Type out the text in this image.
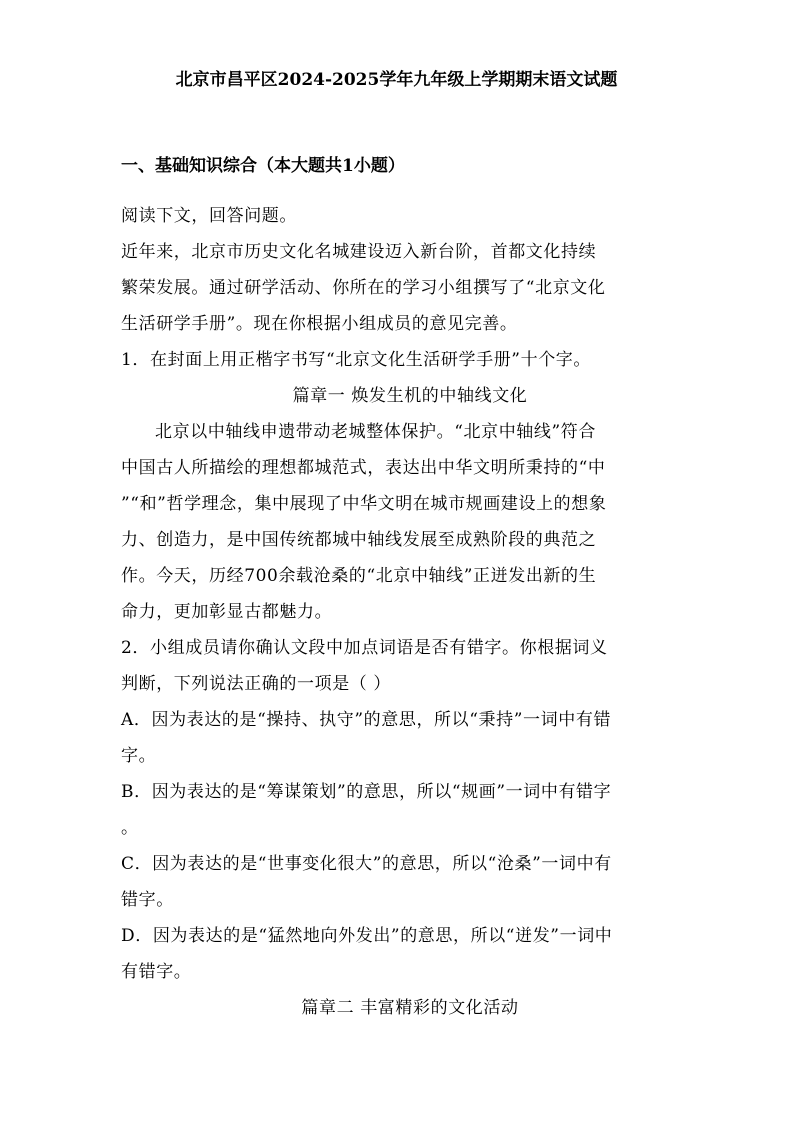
北京市昌平区2024-2025学年九年级上学期期末语文试题
一、基础知识综合（本大题共1小题）
阅读下文，回答问题。
近年来，北京市历史文化名城建设迈入新台阶，首都文化持续
繁荣发展。通过研学活动、你所在的学习小组撰写了“北京文化
生活研学手册”。现在你根据小组成员的意见完善。
1．在封面上用正楷字书写“北京文化生活研学手册”十个字。
篇章一 焕发生机的中轴线文化
北京以中轴线申遗带动老城整体保护。“北京中轴线”符合
中国古人所描绘的理想都城范式，表达出中华文明所秉持的“中
”“和”哲学理念，集中展现了中华文明在城市规画建设上的想象
力、创造力，是中国传统都城中轴线发展至成熟阶段的典范之
作。今天，历经700余载沧桑的“北京中轴线”正迸发出新的生
命力，更加彰显古都魅力。
2．小组成员请你确认文段中加点词语是否有错字。你根据词义
判断，下列说法正确的一项是（ ）
A．因为表达的是“操持、执守”的意思，所以“秉持”一词中有错
字。
B．因为表达的是“筹谋策划”的意思，所以“规画”一词中有错字
。
C．因为表达的是“世事变化很大”的意思，所以“沧桑”一词中有
错字。
D．因为表达的是“猛然地向外发出”的意思，所以“迸发”一词中
有错字。
篇章二 丰富精彩的文化活动
